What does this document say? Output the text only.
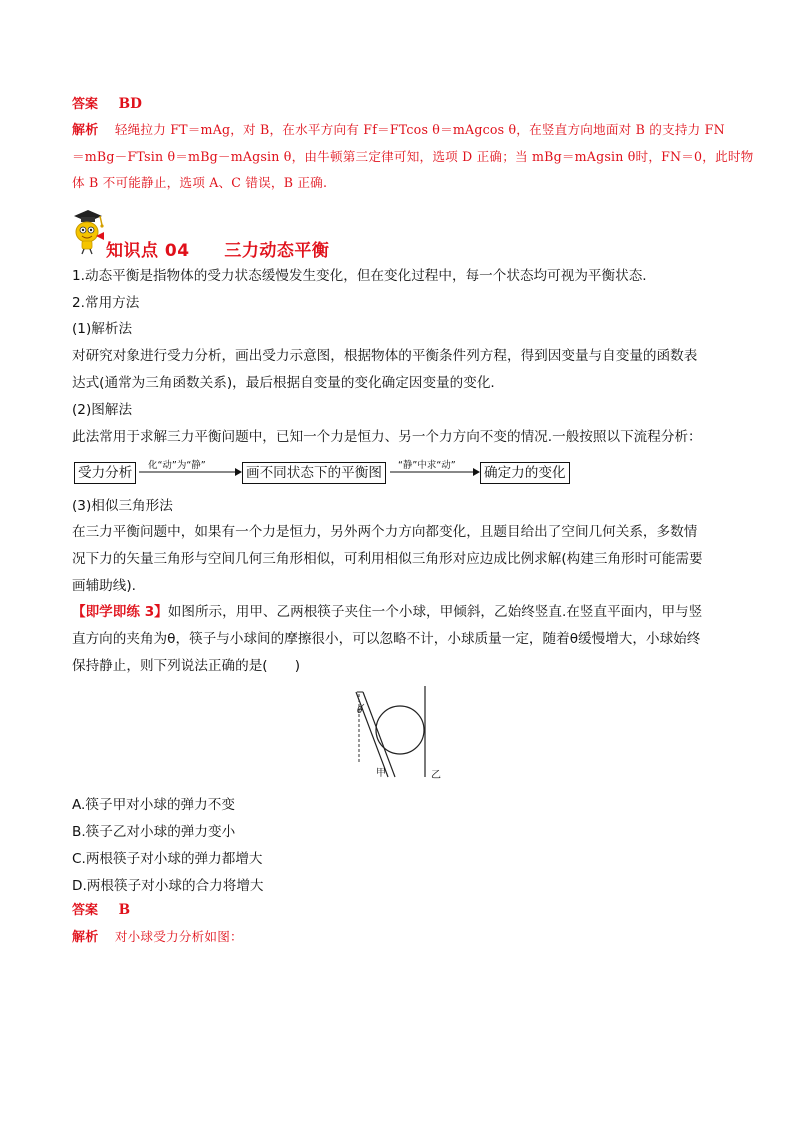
答案 BD
解析 轻绳拉力 FT＝mAg，对 B，在水平方向有 Ff＝FTcos θ＝mAgcos θ，在竖直方向地面对 B 的支持力 FN
＝mBg－FTsin θ＝mBg－mAgsin θ，由牛顿第三定律可知，选项 D 正确；当 mBg＝mAgsin θ时，FN＝0，此时物
体 B 不可能静止，选项 A、C 错误，B 正确.
知识点 04 三力动态平衡
1.动态平衡是指物体的受力状态缓慢发生变化，但在变化过程中，每一个状态均可视为平衡状态.
2.常用方法
(1)解析法
对研究对象进行受力分析，画出受力示意图，根据物体的平衡条件列方程，得到因变量与自变量的函数表
达式(通常为三角函数关系)，最后根据自变量的变化确定因变量的变化.
(2)图解法
此法常用于求解三力平衡问题中，已知一个力是恒力、另一个力方向不变的情况.一般按照以下流程分析：
受力分析	化“动”为“静”	画不同状态下的平衡图	“静”中求“动” 确定力的变化
(3)相似三角形法
在三力平衡问题中，如果有一个力是恒力，另外两个力方向都变化，且题目给出了空间几何关系，多数情
况下力的矢量三角形与空间几何三角形相似，可利用相似三角形对应边成比例求解(构建三角形时可能需要
画辅助线).
【即学即练 3】如图所示，用甲、乙两根筷子夹住一个小球，甲倾斜，乙始终竖直.在竖直平面内，甲与竖
直方向的夹角为θ，筷子与小球间的摩擦很小，可以忽略不计，小球质量一定，随着θ缓慢增大，小球始终
保持静止，则下列说法正确的是(　　)
θ
甲	乙
A.筷子甲对小球的弹力不变
B.筷子乙对小球的弹力变小
C.两根筷子对小球的弹力都增大
D.两根筷子对小球的合力将增大
答案 B
解析 对小球受力分析如图：
